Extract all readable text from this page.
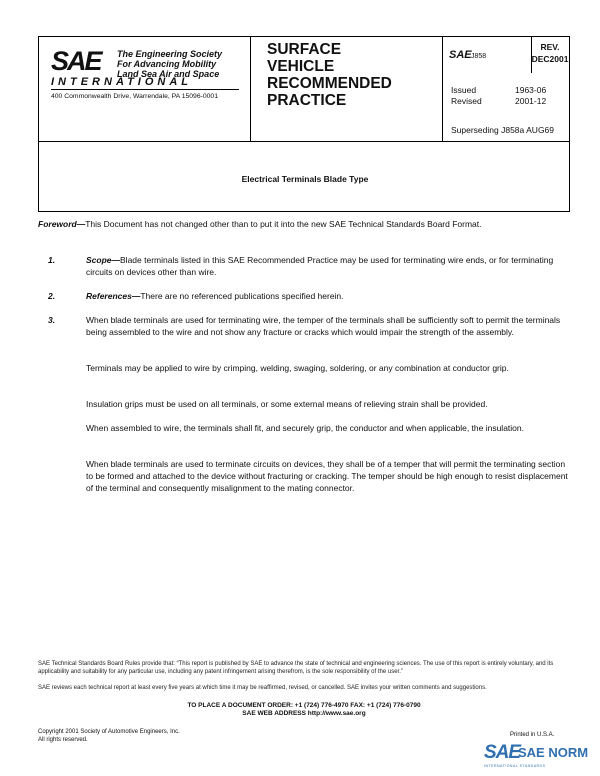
SAE	The Engineering Society
For Advancing Mobility
Land Sea Air and Space
INTERNATIONAL
400 Commonwealth Drive, Warrendale, PA 15096-0001
SURFACE
VEHICLE
RECOMMENDED
PRACTICE
SAE J858
REV.
DEC2001
Issued	1963-06
Revised	2001-12
Superseding J858a AUG69
Electrical Terminals Blade Type
Foreword—This Document has not changed other than to put it into the new SAE Technical Standards Board Format.
1.	Scope—Blade terminals listed in this SAE Recommended Practice may be used for terminating wire ends, or for terminating circuits on devices other than wire.
2.	References—There are no referenced publications specified herein.
3.	When blade terminals are used for terminating wire, the temper of the terminals shall be sufficiently soft to permit the terminals being assembled to the wire and not show any fracture or cracks which would impair the strength of the assembly.
Terminals may be applied to wire by crimping, welding, swaging, soldering, or any combination at conductor grip.
Insulation grips must be used on all terminals, or some external means of relieving strain shall be provided.
When assembled to wire, the terminals shall fit, and securely grip, the conductor and when applicable, the insulation.
When blade terminals are used to terminate circuits on devices, they shall be of a temper that will permit the terminating section to be formed and attached to the device without fracturing or cracking. The temper should be high enough to resist displacement of the terminal and consequently misalignment to the mating connector.
SAE Technical Standards Board Rules provide that: “This report is published by SAE to advance the state of technical and engineering sciences. The use of this report is entirely voluntary, and its applicability and suitability for any particular use, including any patent infringement arising therefrom, is the sole responsibility of the user.”
SAE reviews each technical report at least every five years at which time it may be reaffirmed, revised, or cancelled. SAE invites your written comments and suggestions.
TO PLACE A DOCUMENT ORDER: +1 (724) 776-4970 FAX: +1 (724) 776-0790
SAE WEB ADDRESS http://www.sae.org
Copyright 2001 Society of Automotive Engineers, Inc.
All rights reserved.
Printed in U.S.A.
SAE
SAE NORM
INTERNATIONAL STANDARDS
